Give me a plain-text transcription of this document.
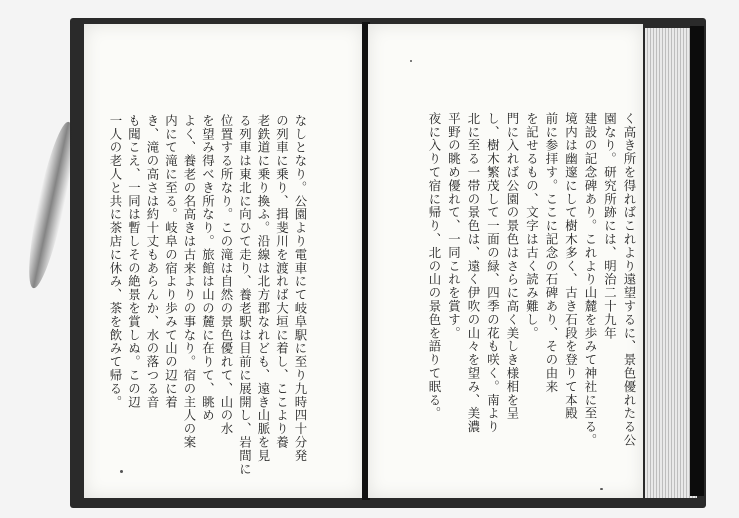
なしとなり。公園より電車にて岐阜駅に至り九時四十分発
の列車に乗り、揖斐川を渡れば大垣に着し、ここより養
老鉄道に乗り換ふ。沿線は北方郡なれども、遠き山脈を見
る列車は東北に向ひて走り、養老駅は目前に展開し、岩間に
位置する所なり。この滝は自然の景色優れて、山の水
を望み得べき所なり。旅館は山の麓に在りて、眺め
よく、養老の名高きは古来よりの事なり。宿の主人の案
内にて滝に至る。岐阜の宿より歩みて山の辺に着
き、滝の高さは約十丈もあらんか、水の落つる音
も聞こえ、一同は暫しその絶景を賞しぬ。この辺
一人の老人と共に茶店に休み、茶を飲みて帰る。	く高き所を得ればこれより遠望するに、景色優れたる公
園なり。研究所跡には、明治二十九年
建設の記念碑あり。これより山麓を歩みて神社に至る。
境内は幽邃にして樹木多く、古き石段を登りて本殿
前に参拝す。ここに記念の石碑あり、その由来
を記せるもの、文字は古く読み難し。
門に入れば公園の景色はさらに高く美しき様相を呈
し、樹木繁茂して一面の緑、四季の花も咲く。南より
北に至る一帯の景色は、遠く伊吹の山々を望み、美濃
平野の眺め優れて、一同これを賞す。
夜に入りて宿に帰り、北の山の景色を語りて眠る。
